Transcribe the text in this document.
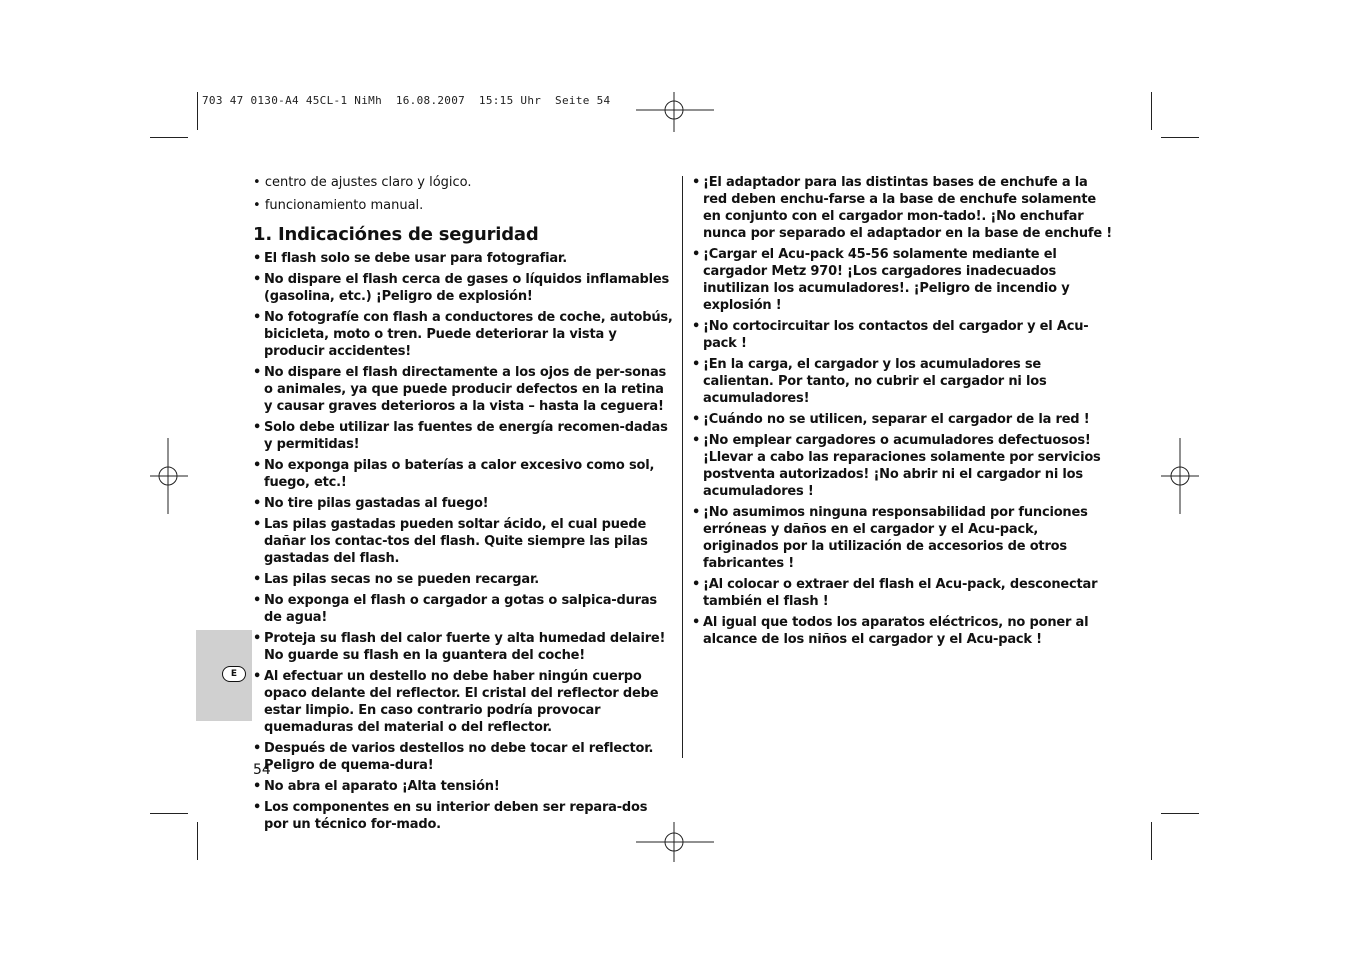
703 47 0130-A4 45CL-1 NiMh  16.08.2007  15:15 Uhr  Seite 54
E
• centro de ajustes claro y lógico.
• funcionamiento manual.
1. Indicaciónes de seguridad
• El flash solo se debe usar para fotografiar.
• No dispare el flash cerca de gases o líquidos inflamables (gasolina, etc.) ¡Peligro de explosión!
• No fotografíe con flash a conductores de coche, autobús, bicicleta, moto o tren. Puede deteriorar la vista y producir accidentes!
• No dispare el flash directamente a los ojos de per-sonas o animales, ya que puede producir defectos en la retina y causar graves deterioros a la vista – hasta la ceguera!
• Solo debe utilizar las fuentes de energía recomen-dadas y permitidas!
• No exponga pilas o baterías a calor excesivo como sol, fuego, etc.!
• No tire pilas gastadas al fuego!
• Las pilas gastadas pueden soltar ácido, el cual puede dañar los contac-tos del flash. Quite siempre las pilas gastadas del flash.
• Las pilas secas no se pueden recargar.
• No exponga el flash o cargador a gotas o salpica-duras de agua!
• Proteja su flash del calor fuerte y alta humedad delaire! No guarde su flash en la guantera del coche!
• Al efectuar un destello no debe haber ningún cuerpo opaco delante del reflector. El cristal del reflector debe estar limpio. En caso contrario podría provocar quemaduras del material o del reflector.
• Después de varios destellos no debe tocar el reflector. Peligro de quema-dura!
• No abra el aparato ¡Alta tensión!
• Los componentes en su interior deben ser repara-dos por un técnico for-mado.
• ¡El adaptador para las distintas bases de enchufe a la red deben enchu-farse a la base de enchufe solamente en conjunto con el cargador mon-tado!. ¡No enchufar nunca por separado el adaptador en la base de enchufe !
• ¡Cargar el Acu-pack 45-56 solamente mediante el cargador Metz 970! ¡Los cargadores inadecuados inutilizan los acumuladores!. ¡Peligro de incendio y explosión !
• ¡No cortocircuitar los contactos del cargador y el Acu-pack !
• ¡En la carga, el cargador y los acumuladores se calientan. Por tanto, no cubrir el cargador ni los acumuladores!
• ¡Cuándo no se utilicen, separar el cargador de la red !
• ¡No emplear cargadores o acumuladores defectuosos! ¡Llevar a cabo las reparaciones solamente por servicios postventa autorizados! ¡No abrir ni el cargador ni los acumuladores !
• ¡No asumimos ninguna responsabilidad por funciones erróneas y daños en el cargador y el Acu-pack, originados por la utilización de accesorios de otros fabricantes !
• ¡Al colocar o extraer del flash el Acu-pack, desconectar también el flash !
• Al igual que todos los aparatos eléctricos, no poner al alcance de los niños el cargador y el Acu-pack !
54
